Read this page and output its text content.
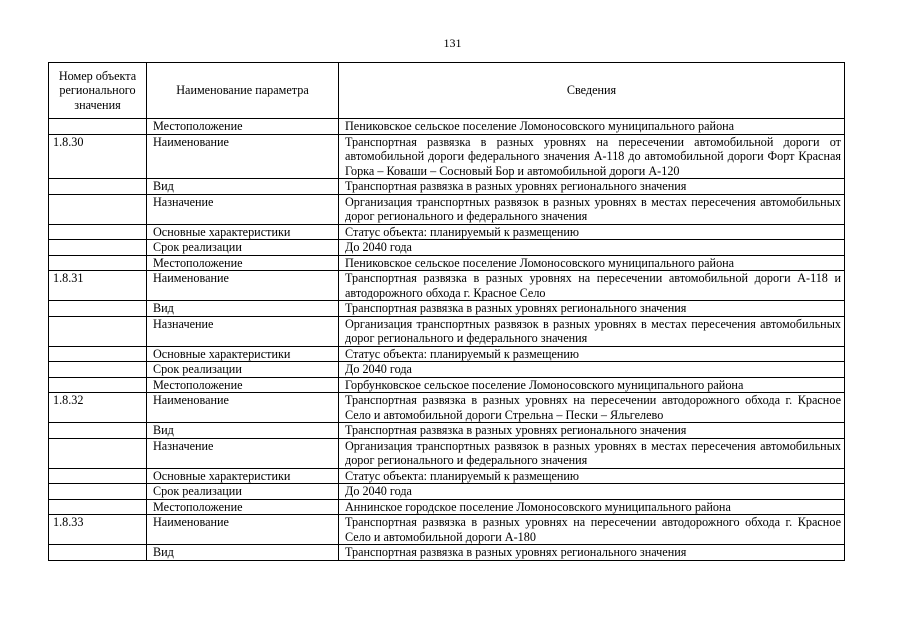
131
Номер объекта регионального значения	Наименование параметра	Сведения
	Местоположение	Пениковское сельское поселение Ломоносовского муниципального района
1.8.30	Наименование	Транспортная развязка в разных уровнях на пересечении автомобильной дороги от автомобильной дороги федерального значения А-118 до автомобильной дороги Форт Красная Горка – Коваши – Сосновый Бор и автомобильной дороги А-120
	Вид	Транспортная развязка в разных уровнях регионального значения
	Назначение	Организация транспортных развязок в разных уровнях в местах пересечения автомобильных дорог регионального и федерального значения
	Основные характеристики	Статус объекта: планируемый к размещению
	Срок реализации	До 2040 года
	Местоположение	Пениковское сельское поселение Ломоносовского муниципального района
1.8.31	Наименование	Транспортная развязка в разных уровнях на пересечении автомобильной дороги А-118 и автодорожного обхода г. Красное Село
	Вид	Транспортная развязка в разных уровнях регионального значения
	Назначение	Организация транспортных развязок в разных уровнях в местах пересечения автомобильных дорог регионального и федерального значения
	Основные характеристики	Статус объекта: планируемый к размещению
	Срок реализации	До 2040 года
	Местоположение	Горбунковское сельское поселение Ломоносовского муниципального района
1.8.32	Наименование	Транспортная развязка в разных уровнях на пересечении автодорожного обхода г. Красное Село и автомобильной дороги Стрельна – Пески – Яльгелево
	Вид	Транспортная развязка в разных уровнях регионального значения
	Назначение	Организация транспортных развязок в разных уровнях в местах пересечения автомобильных дорог регионального и федерального значения
	Основные характеристики	Статус объекта: планируемый к размещению
	Срок реализации	До 2040 года
	Местоположение	Аннинское городское поселение Ломоносовского муниципального района
1.8.33	Наименование	Транспортная развязка в разных уровнях на пересечении автодорожного обхода г. Красное Село и автомобильной дороги А-180
	Вид	Транспортная развязка в разных уровнях регионального значения
